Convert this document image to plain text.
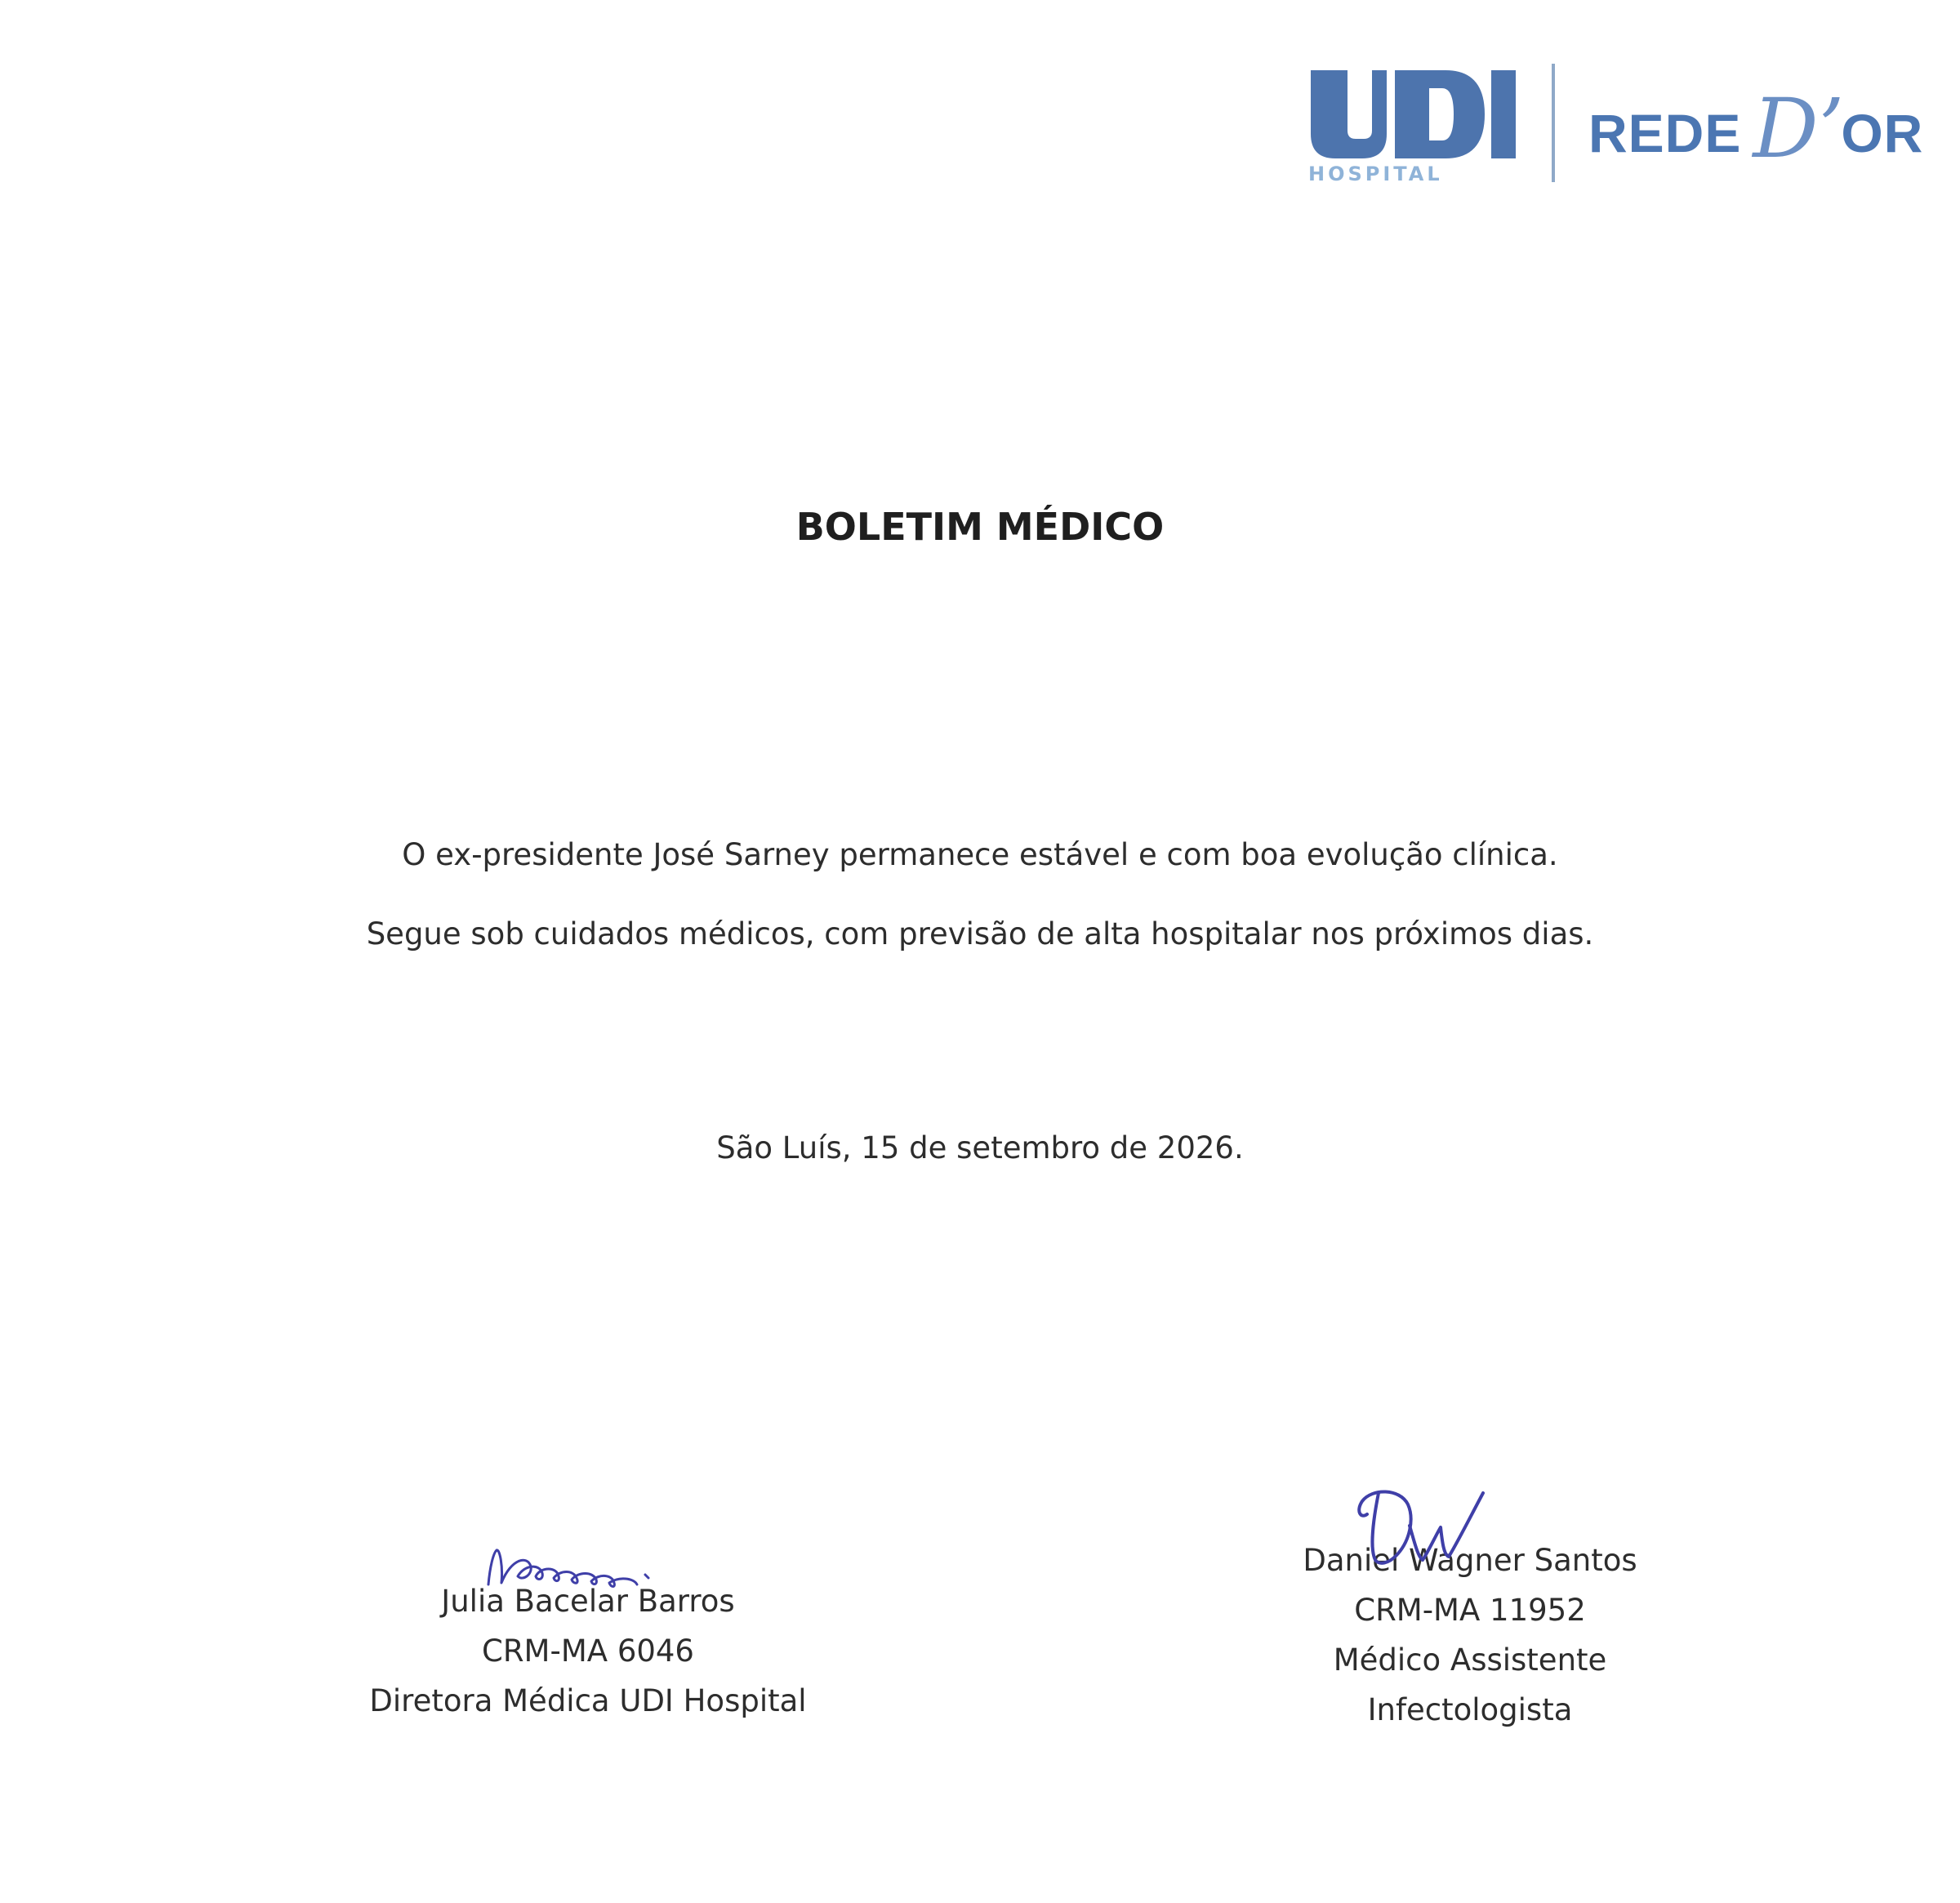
HOSPITAL
REDE D’
OR
BOLETIM MÉDICO
O ex-presidente José Sarney permanece estável e com boa evolução clínica.
Segue sob cuidados médicos, com previsão de alta hospitalar nos próximos dias.
São Luís, 15 de setembro de 2026.
Julia Bacelar Barros
CRM-MA 6046
Diretora Médica UDI Hospital
Daniel Wagner Santos
CRM-MA 11952
Médico Assistente
Infectologista
